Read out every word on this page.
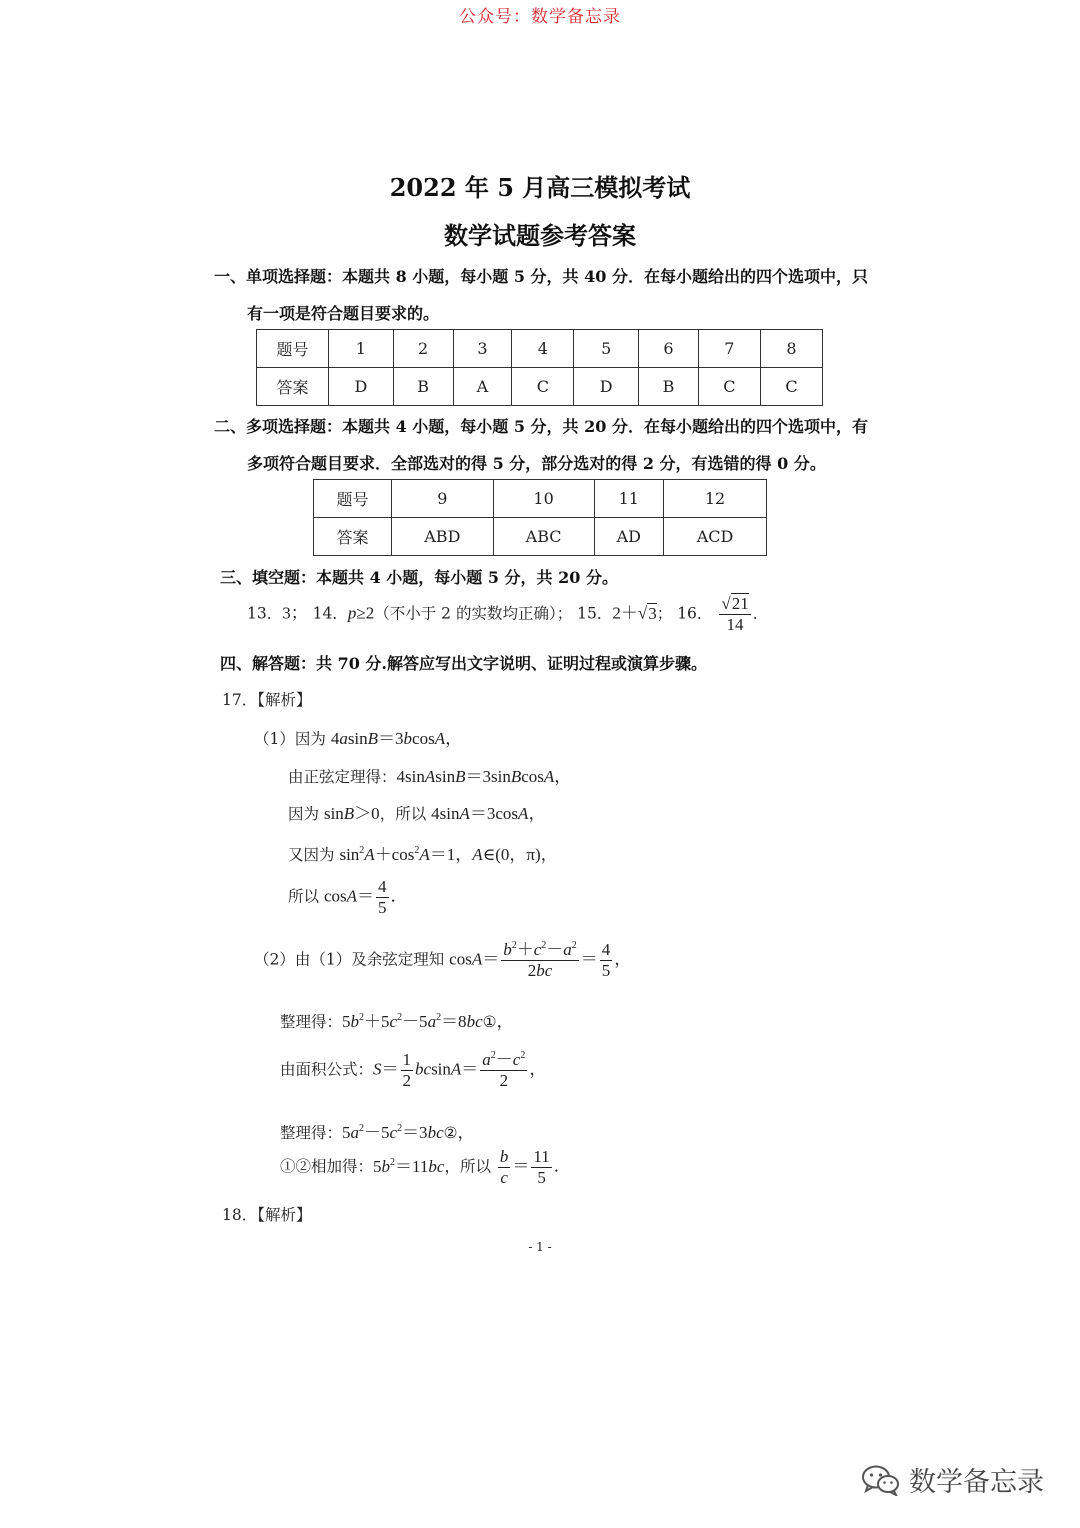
公众号：数学备忘录
2022 年 5 月高三模拟考试
数学试题参考答案
一、单项选择题：本题共 8 小题，每小题 5 分，共 40 分．在每小题给出的四个选项中，只
有一项是符合题目要求的。
题号	1	2	3	4	5	6	7	8
答案	D	B	A	C	D	B	C	C
二、多项选择题：本题共 4 小题，每小题 5 分，共 20 分．在每小题给出的四个选项中，有
多项符合题目要求．全部选对的得 5 分，部分选对的得 2 分，有选错的得 0 分。
题号	9	10	11	12
答案	ABD	ABC	AD	ACD
三、填空题：本题共 4 小题，每小题 5 分，共 20 分。
13．3； 14．p≥2（不小于 2 的实数均正确）； 15．2＋√3； 16． $\frac{√21}{14}$ ．
四、解答题：共 70 分.解答应写出文字说明、证明过程或演算步骤。
17．【解析】
（1）因为 4asinB＝3bcosA，
由正弦定理得：4sinAsinB＝3sinBcosA，
因为 sinB＞0，所以 4sinA＝3cosA，
又因为 $\sin^2A+\cos^2A=1$，A∈(0，π)，
所以 $\cos A= \frac{4}{5}$ ．
（2）由（1）及余弦定理知 $\cos A= \frac{b^2+c^2-a^2}{2bc} = \frac{4}{5}$ ，
整理得：$5b^2+5c^2-5a^2=8bc①$，
由面积公式：$S= \frac{1}{2} bcsinA= \frac{a^2-c^2}{2}$ ，
整理得：$5a^2-5c^2=3bc②$，
①②相加得：$5b^2=11bc$，所以 $\frac{b}{c} = \frac{11}{5}$ ．
18．【解析】
- 1 -
数学备忘录
